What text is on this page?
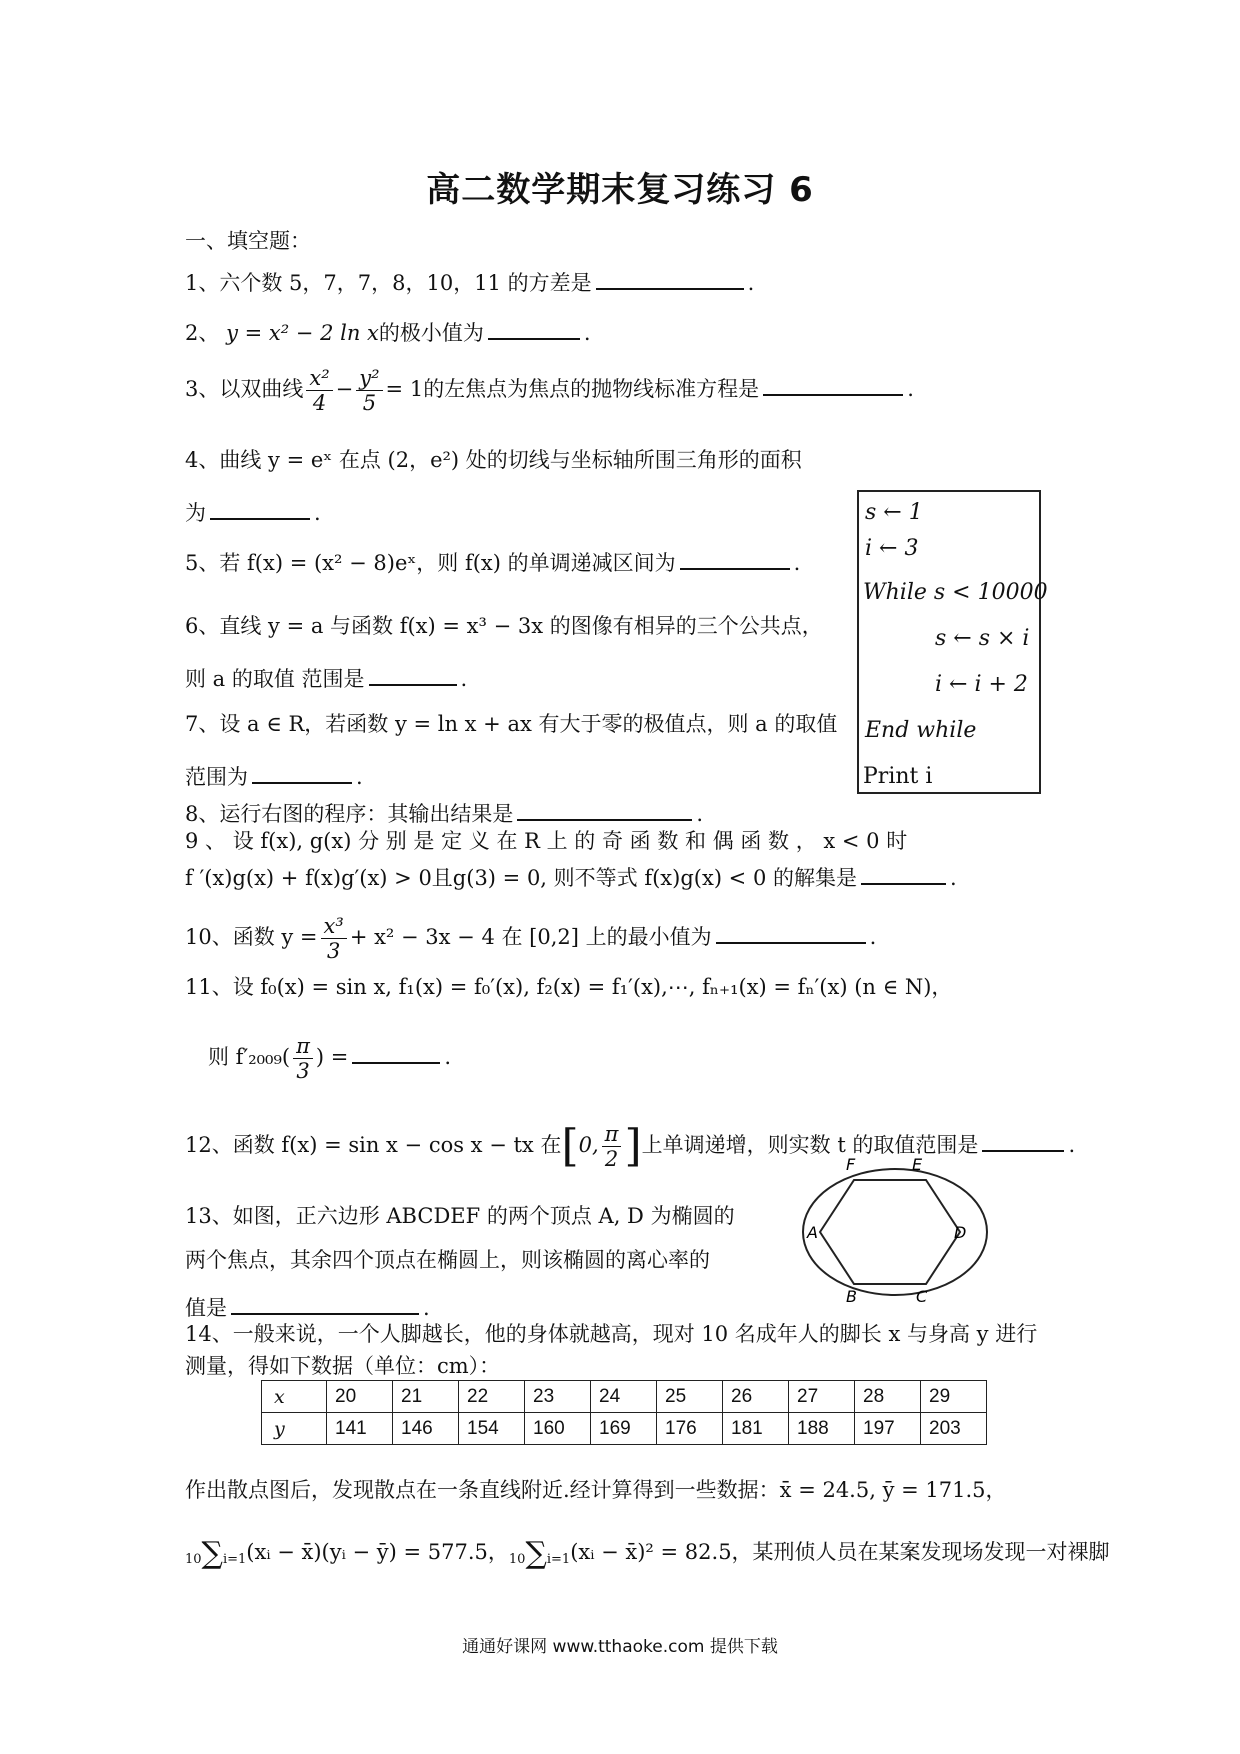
高二数学期末复习练习 6
一、填空题：
1、六个数 5，7，7，8，10，11 的方差是	.
2、 y = x² − 2 ln x的极小值为	.
3、以双曲线 $\frac{\text{x²}}{4} - \frac{\text{y²}}{5} = 1$的左焦点为焦点的抛物线标准方程是	.
4、曲线 y = eˣ 在点 (2，e²) 处的切线与坐标轴所围三角形的面积
为	.
5、若 f(x) = (x² − 8)eˣ，则 f(x) 的单调递减区间为	.
6、直线 y = a 与函数 f(x) = x³ − 3x 的图像有相异的三个公共点，
则 a 的取值 范围是	.
7、设 a ∈ R，若函数 y = ln x + ax 有大于零的极值点，则 a 的取值
范围为	.
s ← 1
i ← 3
While s < 10000
s ← s × i
i ← i + 2
End while
Print i
8、运行右图的程序：其输出结果是	.
9 、 设 f(x), g(x) 分 别 是 定 义 在 R 上 的 奇 函 数 和 偶 函 数 ， x < 0 时
f ′(x)g(x) + f(x)g′(x) > 0且g(3) = 0, 则不等式 f(x)g(x) < 0 的解集是	.
10、函数 $y = \frac{\text{x³}}{3} + x^2 - 3x - 4$ 在 [0,2] 上的最小值为	.
11、设 f₀(x) = sin x, f₁(x) = f₀′(x), f₂(x) = f₁′(x),⋯, fₙ₊₁(x) = fₙ′(x) (n ∈ N)，
则 $f'_{2009}( \frac{\pi}{3}$ ) =	.
12、函数 f(x) = sin x − cos x − tx 在[0, $\frac{\pi}{2}$ ]上单调递增，则实数 t 的取值范围是	.
13、如图，正六边形 ABCDEF 的两个顶点 A, D 为椭圆的
两个焦点，其余四个顶点在椭圆上，则该椭圆的离心率的
值是	.
F	E
A	D
B	C
14、一般来说，一个人脚越长，他的身体就越高，现对 10 名成年人的脚长 x 与身高 y 进行
测量，得如下数据（单位：cm）：
x	20	21	22	23	24	25	26	27	28	29
y	141	146	154	160	169	176	181	188	197	203
作出散点图后，发现散点在一条直线附近.经计算得到一些数据：x̄ = 24.5, ȳ = 171.5，
10∑i=1(xᵢ − x̄)(yᵢ − ȳ) = 577.5，10∑i=1(xᵢ − x̄)² = 82.5，某刑侦人员在某案发现场发现一对裸脚
通通好课网 www.tthaoke.com 提供下载
